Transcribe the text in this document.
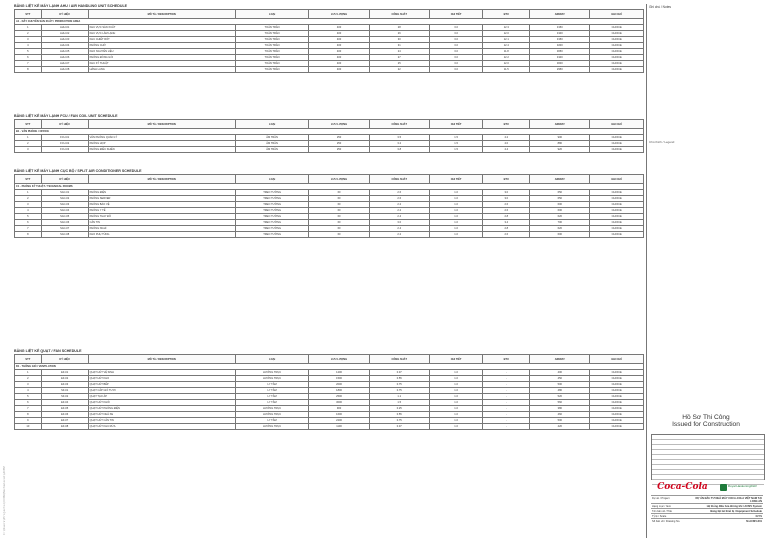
C:\Users\Projects\CCVN\Mechanical\ACMV
BẢNG LIỆT KÊ MÁY LẠNH AHU / AIR HANDLING UNIT SCHEDULE
STT	KÝ HIỆU	MÔ TẢ / DESCRIPTION	LOẠI	LƯU LƯỢNG	CÔNG SUẤT	CHI TIẾT	BTU	AIRWAY	GHI CHÚ
A1 - DÂY CHUYỀN SẢN XUẤT / PRODUCTION AREA									
1	AHU-01	KHU VỰC SẢN XUẤT	TOÀN TRẦN	400	28	3.0	12.3	3150	CHOICE
2	AHU-02	KHU VỰC LÀM LẠNH	TOÀN TRẦN	400	26	3.0	12.0	3100	CHOICE
3	AHU-03	KHU CHIẾT RÓT	TOÀN TRẦN	400	30	3.0	12.1	3150	CHOICE
4	AHU-04	PHÒNG CHỜ	TOÀN TRẦN	400	31	3.0	12.4	3200	CHOICE
5	AHU-05	KHO NGUYÊN LIỆU	TOÀN TRẦN	400	24	3.0	11.8	3050	CHOICE
6	AHU-06	PHÒNG ĐÓNG GÓI	TOÀN TRẦN	400	27	3.0	12.2	3100	CHOICE
7	AHU-07	KHU KỸ THUẬT	TOÀN TRẦN	400	25	3.0	12.0	3000	CHOICE
8	AHU-08	HÀNH LANG	TOÀN TRẦN	400	22	3.0	11.5	2950	CHOICE
BẢNG LIỆT KÊ MÁY LẠNH FCU / FAN COIL UNIT SCHEDULE
STT	KÝ HIỆU	MÔ TẢ / DESCRIPTION	LOẠI	LƯU LƯỢNG	CÔNG SUẤT	CHI TIẾT	BTU	AIRWAY	GHI CHÚ
B1 - VĂN PHÒNG / OFFICE									
1	FCU-01	VĂN PHÒNG QUẢN LÝ	ÂM TRẦN	250	3.5	1.5	4.2	900	CHOICE
2	FCU-02	PHÒNG HỌP	ÂM TRẦN	250	3.2	1.5	4.0	880	CHOICE
3	FCU-03	PHÒNG ĐIỀU KHIỂN	ÂM TRẦN	250	3.8	1.5	4.4	920	CHOICE
BẢNG LIỆT KÊ MÁY LẠNH CỤC BỘ / SPLIT AIR CONDITIONER SCHEDULE
STT	KÝ HIỆU	MÔ TẢ / DESCRIPTION	LOẠI	LƯU LƯỢNG	CÔNG SUẤT	CHI TIẾT	BTU	AIRWAY	GHI CHÚ
C1 - PHÒNG KỸ THUẬT / TECHNICAL ROOMS									
1	SAC-01	PHÒNG ĐIỆN	TREO TƯỜNG	60	2.6	1.0	3.0	650	CHOICE
2	SAC-02	PHÒNG SERVER	TREO TƯỜNG	60	2.6	1.0	3.0	650	CHOICE
3	SAC-03	PHÒNG BẢO VỆ	TREO TƯỜNG	60	2.2	1.0	2.6	600	CHOICE
4	SAC-04	PHÒNG Y TẾ	TREO TƯỜNG	60	2.2	1.0	2.6	600	CHOICE
5	SAC-05	PHÒNG THAY ĐỒ	TREO TƯỜNG	60	2.4	1.0	2.8	620	CHOICE
6	SAC-06	CĂN TIN	TREO TƯỜNG	60	3.0	1.0	3.4	700	CHOICE
7	SAC-07	PHÒNG NGHỈ	TREO TƯỜNG	60	2.4	1.0	2.8	620	CHOICE
8	SAC-08	KHO PHỤ TÙNG	TREO TƯỜNG	60	2.2	1.0	2.6	600	CHOICE
BẢNG LIỆT KÊ QUẠT / FAN SCHEDULE
STT	KÝ HIỆU	MÔ TẢ / DESCRIPTION	LOẠI	LƯU LƯỢNG	CÔNG SUẤT	CHI TIẾT	BTU	AIRWAY	GHI CHÚ
D1 - THÔNG GIÓ / VENTILATION									
1	EF-01	QUẠT HÚT VỆ SINH	HƯỚNG TRỤC	1200	0.37	1.0	-	400	CHOICE
2	EF-02	QUẠT HÚT KHO	HƯỚNG TRỤC	1500	0.55	1.0	-	450	CHOICE
3	EF-03	QUẠT HÚT BẾP	LY TÂM	2000	0.75	1.0	-	500	CHOICE
4	SF-01	QUẠT CẤP GIÓ TƯƠI	LY TÂM	1800	0.75	1.0	-	480	CHOICE
5	SF-02	QUẠT TẠO ÁP	LY TÂM	2500	1.1	1.0	-	520	CHOICE
6	EF-04	QUẠT HÚT KHÓI	LY TÂM	3000	1.5	1.0	-	560	CHOICE
7	EF-05	QUẠT HÚT PHÒNG ĐIỆN	HƯỚNG TRỤC	900	0.25	1.0	-	380	CHOICE
8	EF-06	QUẠT HÚT NHÀ XE	HƯỚNG TRỤC	1600	0.55	1.0	-	460	CHOICE
9	EF-07	QUẠT HÚT CĂN TIN	LY TÂM	2200	0.75	1.0	-	500	CHOICE
10	EF-08	QUẠT HÚT KHU RỬA	HƯỚNG TRỤC	1100	0.37	1.0	-	420	CHOICE
Ghi chú / Notes
Chú thích / Legend
Hồ Sơ Thi Công
Issued for Construction
Coca-Cola	Royal HaskoningDHV
Dự án / Project	DỰ ÁN ĐẦU TƯ NHÀ MÁY COCA-COLA VIỆT NAM TẠI LONG AN
Hạng mục / Item	Hệ thống điều hòa không khí / ACMV System
Tên bản vẽ / Title	Bảng liệt kê thiết bị / Equipment Schedule
Tỷ lệ / Scale	N.T.S
Số bản vẽ / Drawing No.	M-ACMV-601
